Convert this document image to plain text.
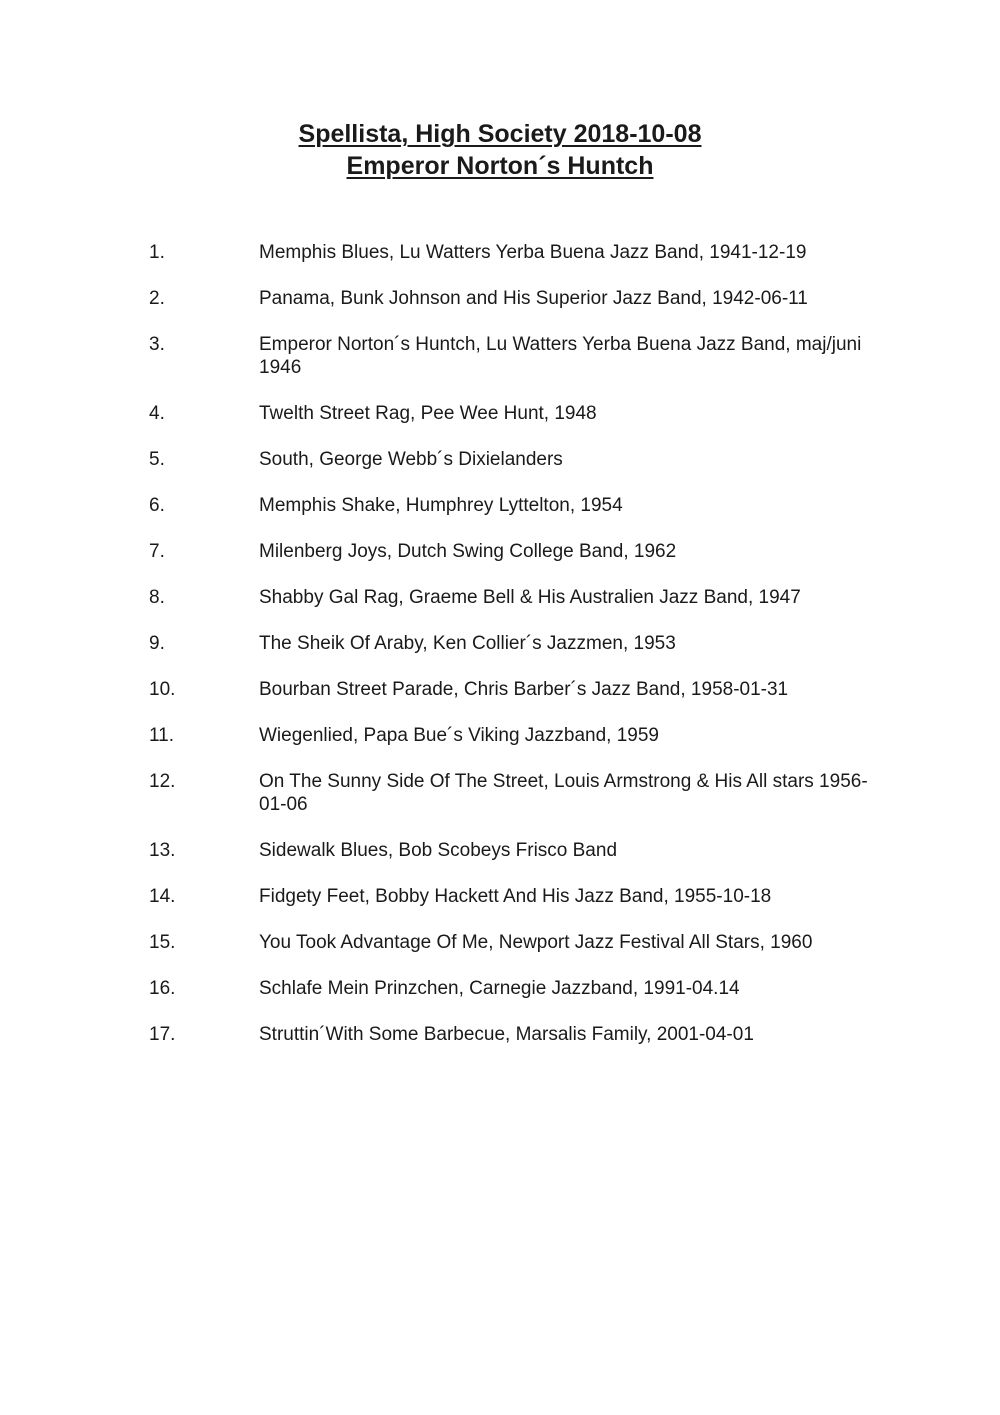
Spellista, High Society 2018-10-08

Emperor Norton´s Huntch

1.	Memphis Blues, Lu Watters Yerba Buena Jazz Band, 1941-12-19
2.	Panama, Bunk Johnson and His Superior Jazz Band, 1942-06-11
3.	Emperor Norton´s Huntch, Lu Watters Yerba Buena Jazz Band, maj/juni 1946
4.	Twelth Street Rag, Pee Wee Hunt, 1948
5.	South, George Webb´s Dixielanders
6.	Memphis Shake, Humphrey Lyttelton, 1954
7.	Milenberg Joys, Dutch Swing College Band, 1962
8.	Shabby Gal Rag, Graeme Bell & His Australien Jazz Band, 1947
9.	The Sheik Of Araby, Ken Collier´s Jazzmen, 1953
10.	Bourban Street Parade, Chris Barber´s Jazz Band, 1958-01-31
11.	Wiegenlied, Papa Bue´s Viking Jazzband, 1959
12.	On The Sunny Side Of The Street, Louis Armstrong & His All stars 1956-01-06
13.	Sidewalk Blues, Bob Scobeys Frisco Band
14.	Fidgety Feet, Bobby Hackett And His Jazz Band, 1955-10-18
15.	You Took Advantage Of Me, Newport Jazz Festival All Stars, 1960
16.	Schlafe Mein Prinzchen, Carnegie Jazzband, 1991-04.14
17.	Struttin´With Some Barbecue, Marsalis Family, 2001-04-01
